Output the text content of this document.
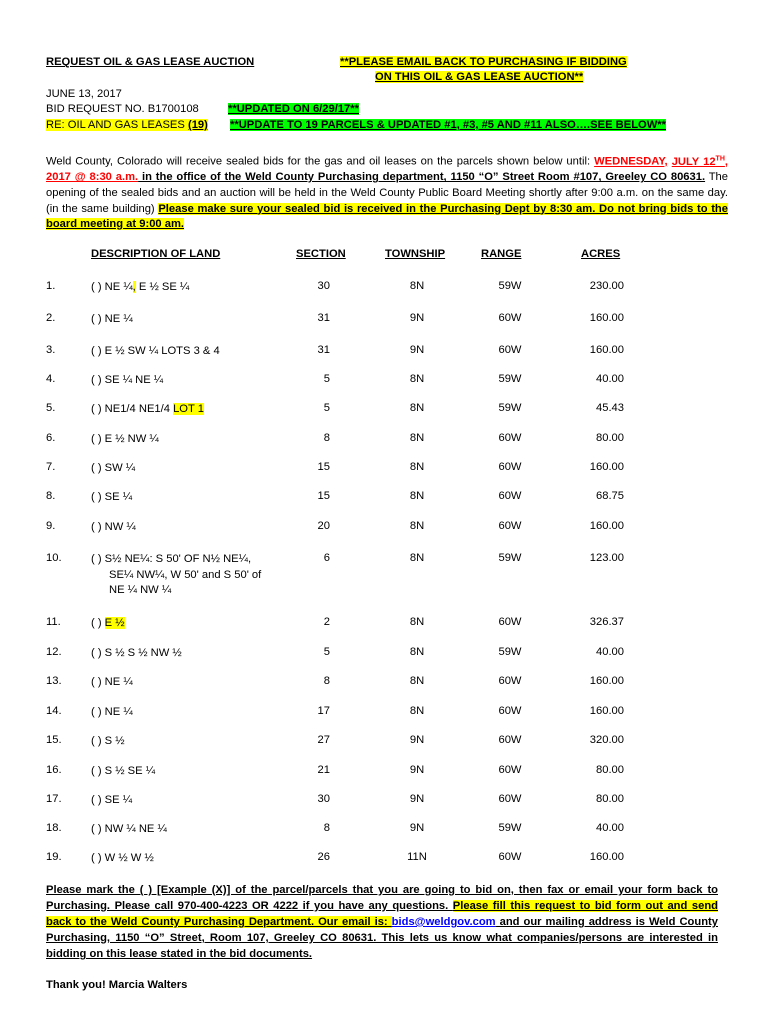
REQUEST OIL & GAS LEASE AUCTION	**PLEASE EMAIL BACK TO PURCHASING IF BIDDING
ON THIS OIL & GAS LEASE AUCTION**
JUNE 13, 2017
BID REQUEST NO. B1700108	**UPDATED ON 6/29/17**
RE: OIL AND GAS LEASES (19) **UPDATE TO 19 PARCELS & UPDATED #1, #3, #5 AND #11 ALSO….SEE BELOW**
Weld County, Colorado will receive sealed bids for the gas and oil leases on the parcels shown below until: WEDNESDAY, JULY 12TH, 2017 @ 8:30 a.m. in the office of the Weld County Purchasing department, 1150 “O” Street Room #107, Greeley CO 80631. The opening of the sealed bids and an auction will be held in the Weld County Public Board Meeting shortly after 9:00 a.m. on the same day. (in the same building) Please make sure your sealed bid is received in the Purchasing Dept by 8:30 am. Do not bring bids to the board meeting at 9:00 am.
DESCRIPTION OF LAND	SECTION	TOWNSHIP	RANGE	ACRES
1.	( ) NE ¼, E ½ SE ¼	30	8N	59W	230.00
2.	( ) NE ¼	31	9N	60W	160.00
3.	( ) E ½ SW ¼ LOTS 3 & 4	31	9N	60W	160.00
4.	( ) SE ¼ NE ¼	5	8N	59W	40.00
5.	( ) NE1/4 NE1/4 LOT 1	5	8N	59W	45.43
6.	( ) E ½ NW ¼	8	8N	60W	80.00
7.	( ) SW ¼	15	8N	60W	160.00
8.	( ) SE ¼	15	8N	60W	68.75
9.	( ) NW ¼	20	8N	60W	160.00
10.	( ) S½ NE¼: S 50' OF N½ NE¼,
SE¼ NW¼, W 50' and S 50' of
NE ¼ NW ¼
6	8N	59W	123.00
11.	( ) E ½	2	8N	60W	326.37
12.	( ) S ½ S ½ NW ½	5	8N	59W	40.00
13.	( ) NE ¼	8	8N	60W	160.00
14.	( ) NE ¼	17	8N	60W	160.00
15.	( ) S ½	27	9N	60W	320.00
16.	( ) S ½ SE ¼	21	9N	60W	80.00
17.	( ) SE ¼	30	9N	60W	80.00
18.	( ) NW ¼ NE ¼	8	9N	59W	40.00
19.	( ) W ½ W ½	26	11N	60W	160.00
Please mark the ( ) [Example (X)] of the parcel/parcels that you are going to bid on, then fax or email your form back to Purchasing. Please call 970-400-4223 OR 4222 if you have any questions. Please fill this request to bid form out and send back to the Weld County Purchasing Department. Our email is: bids@weldgov.com and our mailing address is Weld County Purchasing, 1150 “O” Street, Room 107, Greeley CO 80631. This lets us know what companies/persons are interested in bidding on this lease stated in the bid documents.
Thank you! Marcia Walters
